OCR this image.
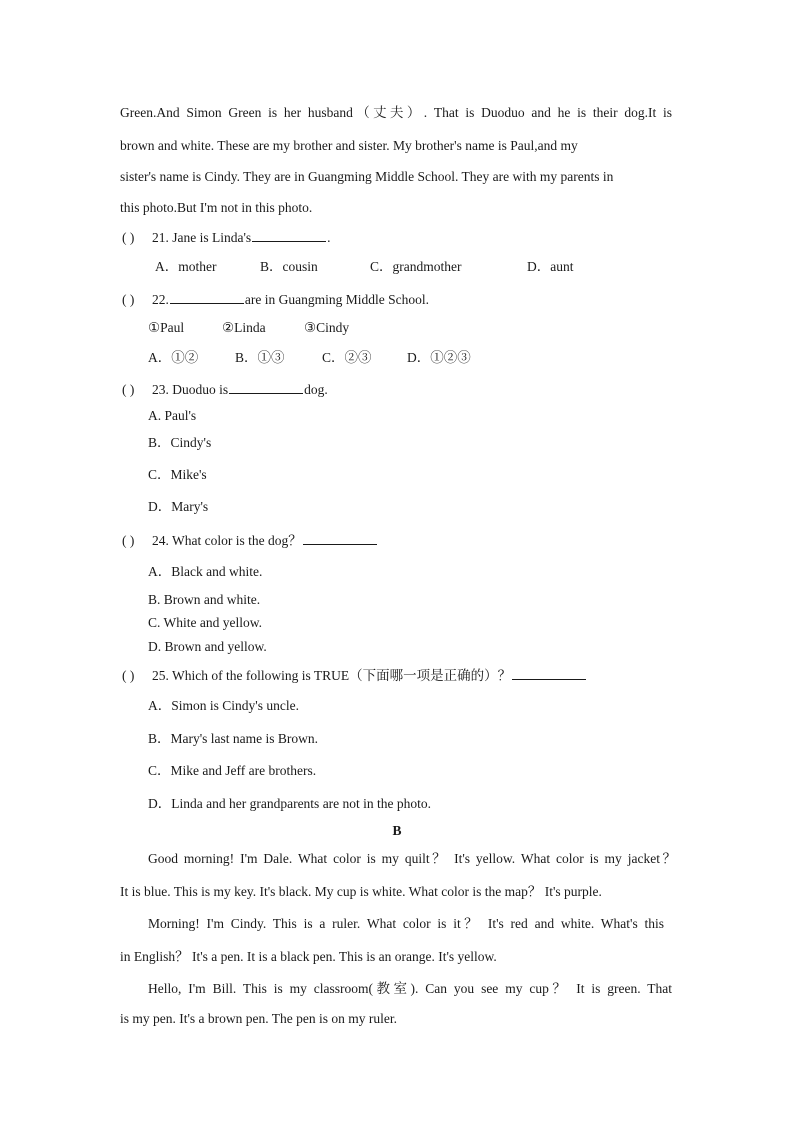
Green.And Simon Green is her husband（丈夫）. That is Duoduo and he is their dog.It is
brown and white. These are my brother and sister. My brother's name is Paul,and my
sister's name is Cindy. They are in Guangming Middle School. They are with my parents in
this photo.But I'm not in this photo.
( ) 21. Jane is Linda's	.
A．mother	B．cousin	C．grandmother	D．aunt
( ) 22.	are in Guangming Middle School.
①Paul	②Linda	③Cindy
A．①②	B．①③	C．②③	D．①②③
( ) 23. Duoduo is	dog.
A. Paul's
B．Cindy's
C．Mike's
D．Mary's
( ) 24. What color is the dog？
A．Black and white.
B. Brown and white.
C. White and yellow.
D. Brown and yellow.
( ) 25. Which of the following is TRUE（下面哪一项是正确的）？
A．Simon is Cindy's uncle.
B．Mary's last name is Brown.
C．Mike and Jeff are brothers.
D．Linda and her grandparents are not in the photo.
B
Good morning! I'm Dale. What color is my quilt？ It's yellow. What color is my jacket？
It is blue. This is my key. It's black. My cup is white. What color is the map？ It's purple.
Morning! I'm Cindy. This is a ruler. What color is it？ It's red and white. What's this
in English？ It's a pen. It is a black pen. This is an orange. It's yellow.
Hello, I'm Bill. This is my classroom(教室). Can you see my cup？ It is green. That
is my pen. It's a brown pen. The pen is on my ruler.
